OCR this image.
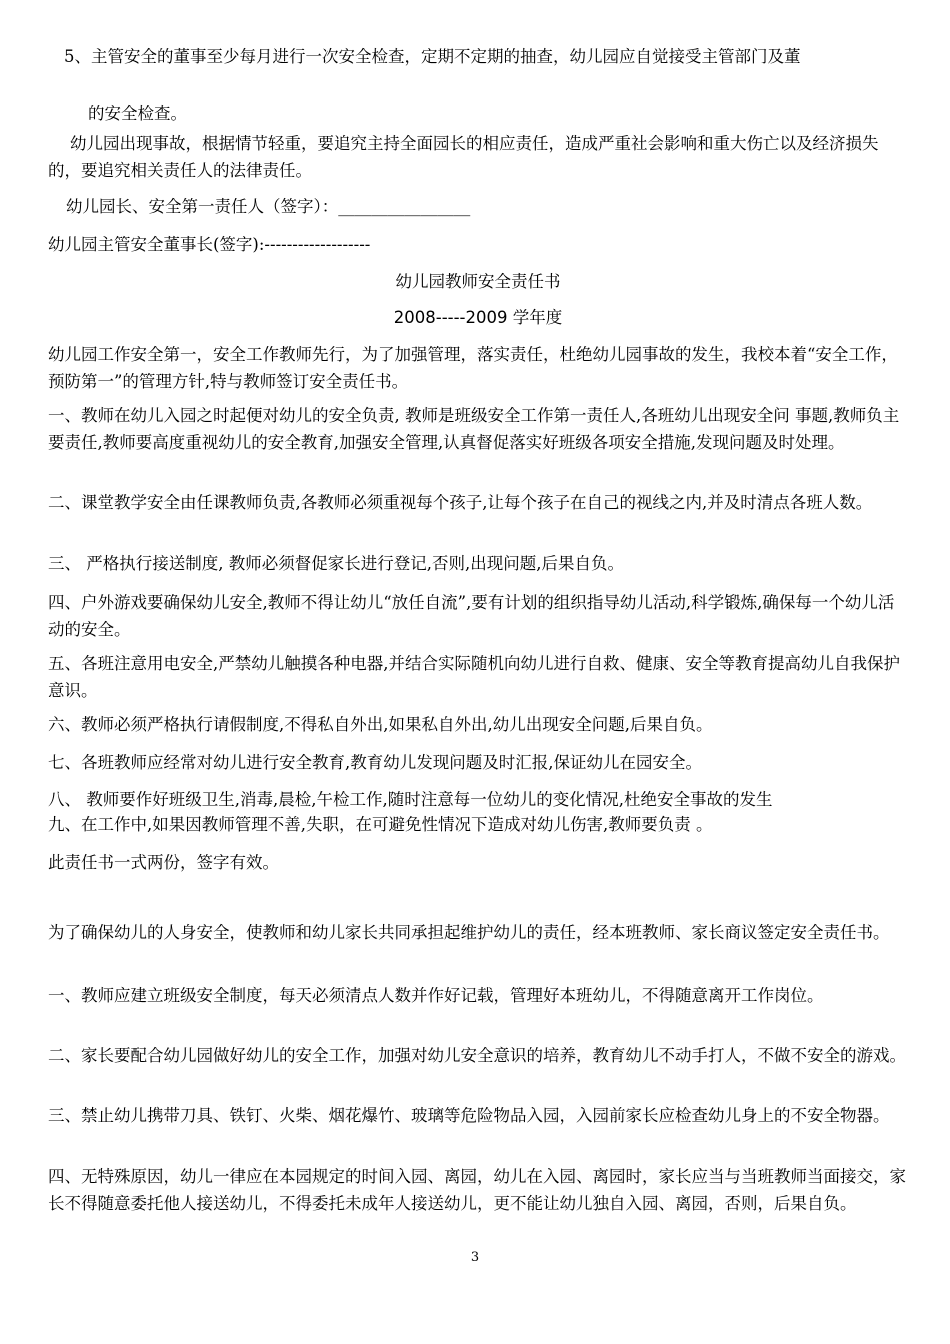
5、主管安全的董事至少每月进行一次安全检查，定期不定期的抽查，幼儿园应自觉接受主管部门及董

的安全检查。

幼儿园出现事故，根据情节轻重，要追究主持全面园长的相应责任，造成严重社会影响和重大伤亡以及经济损失的，要追究相关责任人的法律责任。

幼儿园长、安全第一责任人（签字）：________________

幼儿园主管安全董事长(签字):-------------------

幼儿园教师安全责任书

2008-----2009 学年度

幼儿园工作安全第一，安全工作教师先行，为了加强管理，落实责任，杜绝幼儿园事故的发生，我校本着“安全工作，预防第一”的管理方针,特与教师签订安全责任书。

一、教师在幼儿入园之时起便对幼儿的安全负责, 教师是班级安全工作第一责任人,各班幼儿出现安全问 事题,教师负主要责任,教师要高度重视幼儿的安全教育,加强安全管理,认真督促落实好班级各项安全措施,发现问题及时处理。

二、课堂教学安全由任课教师负责,各教师必须重视每个孩子,让每个孩子在自己的视线之内,并及时清点各班人数。

三、 严格执行接送制度, 教师必须督促家长进行登记,否则,出现问题,后果自负。

四、户外游戏要确保幼儿安全,教师不得让幼儿“放任自流”,要有计划的组织指导幼儿活动,科学锻炼,确保每一个幼儿活动的安全。

五、各班注意用电安全,严禁幼儿触摸各种电器,并结合实际随机向幼儿进行自救、健康、安全等教育提高幼儿自我保护意识。

六、教师必须严格执行请假制度,不得私自外出,如果私自外出,幼儿出现安全问题,后果自负。

七、各班教师应经常对幼儿进行安全教育,教育幼儿发现问题及时汇报,保证幼儿在园安全。

八、 教师要作好班级卫生,消毒,晨检,午检工作,随时注意每一位幼儿的变化情况,杜绝安全事故的发生

九、在工作中,如果因教师管理不善,失职，在可避免性情况下造成对幼儿伤害,教师要负责 。

此责任书一式两份，签字有效。

为了确保幼儿的人身安全，使教师和幼儿家长共同承担起维护幼儿的责任，经本班教师、家长商议签定安全责任书。

一、教师应建立班级安全制度，每天必须清点人数并作好记载，管理好本班幼儿，不得随意离开工作岗位。

二、家长要配合幼儿园做好幼儿的安全工作，加强对幼儿安全意识的培养，教育幼儿不动手打人，不做不安全的游戏。

三、禁止幼儿携带刀具、铁钉、火柴、烟花爆竹、玻璃等危险物品入园，入园前家长应检查幼儿身上的不安全物器。

四、无特殊原因，幼儿一律应在本园规定的时间入园、离园，幼儿在入园、离园时，家长应当与当班教师当面接交，家长不得随意委托他人接送幼儿，不得委托未成年人接送幼儿，更不能让幼儿独自入园、离园，否则，后果自负。

3
